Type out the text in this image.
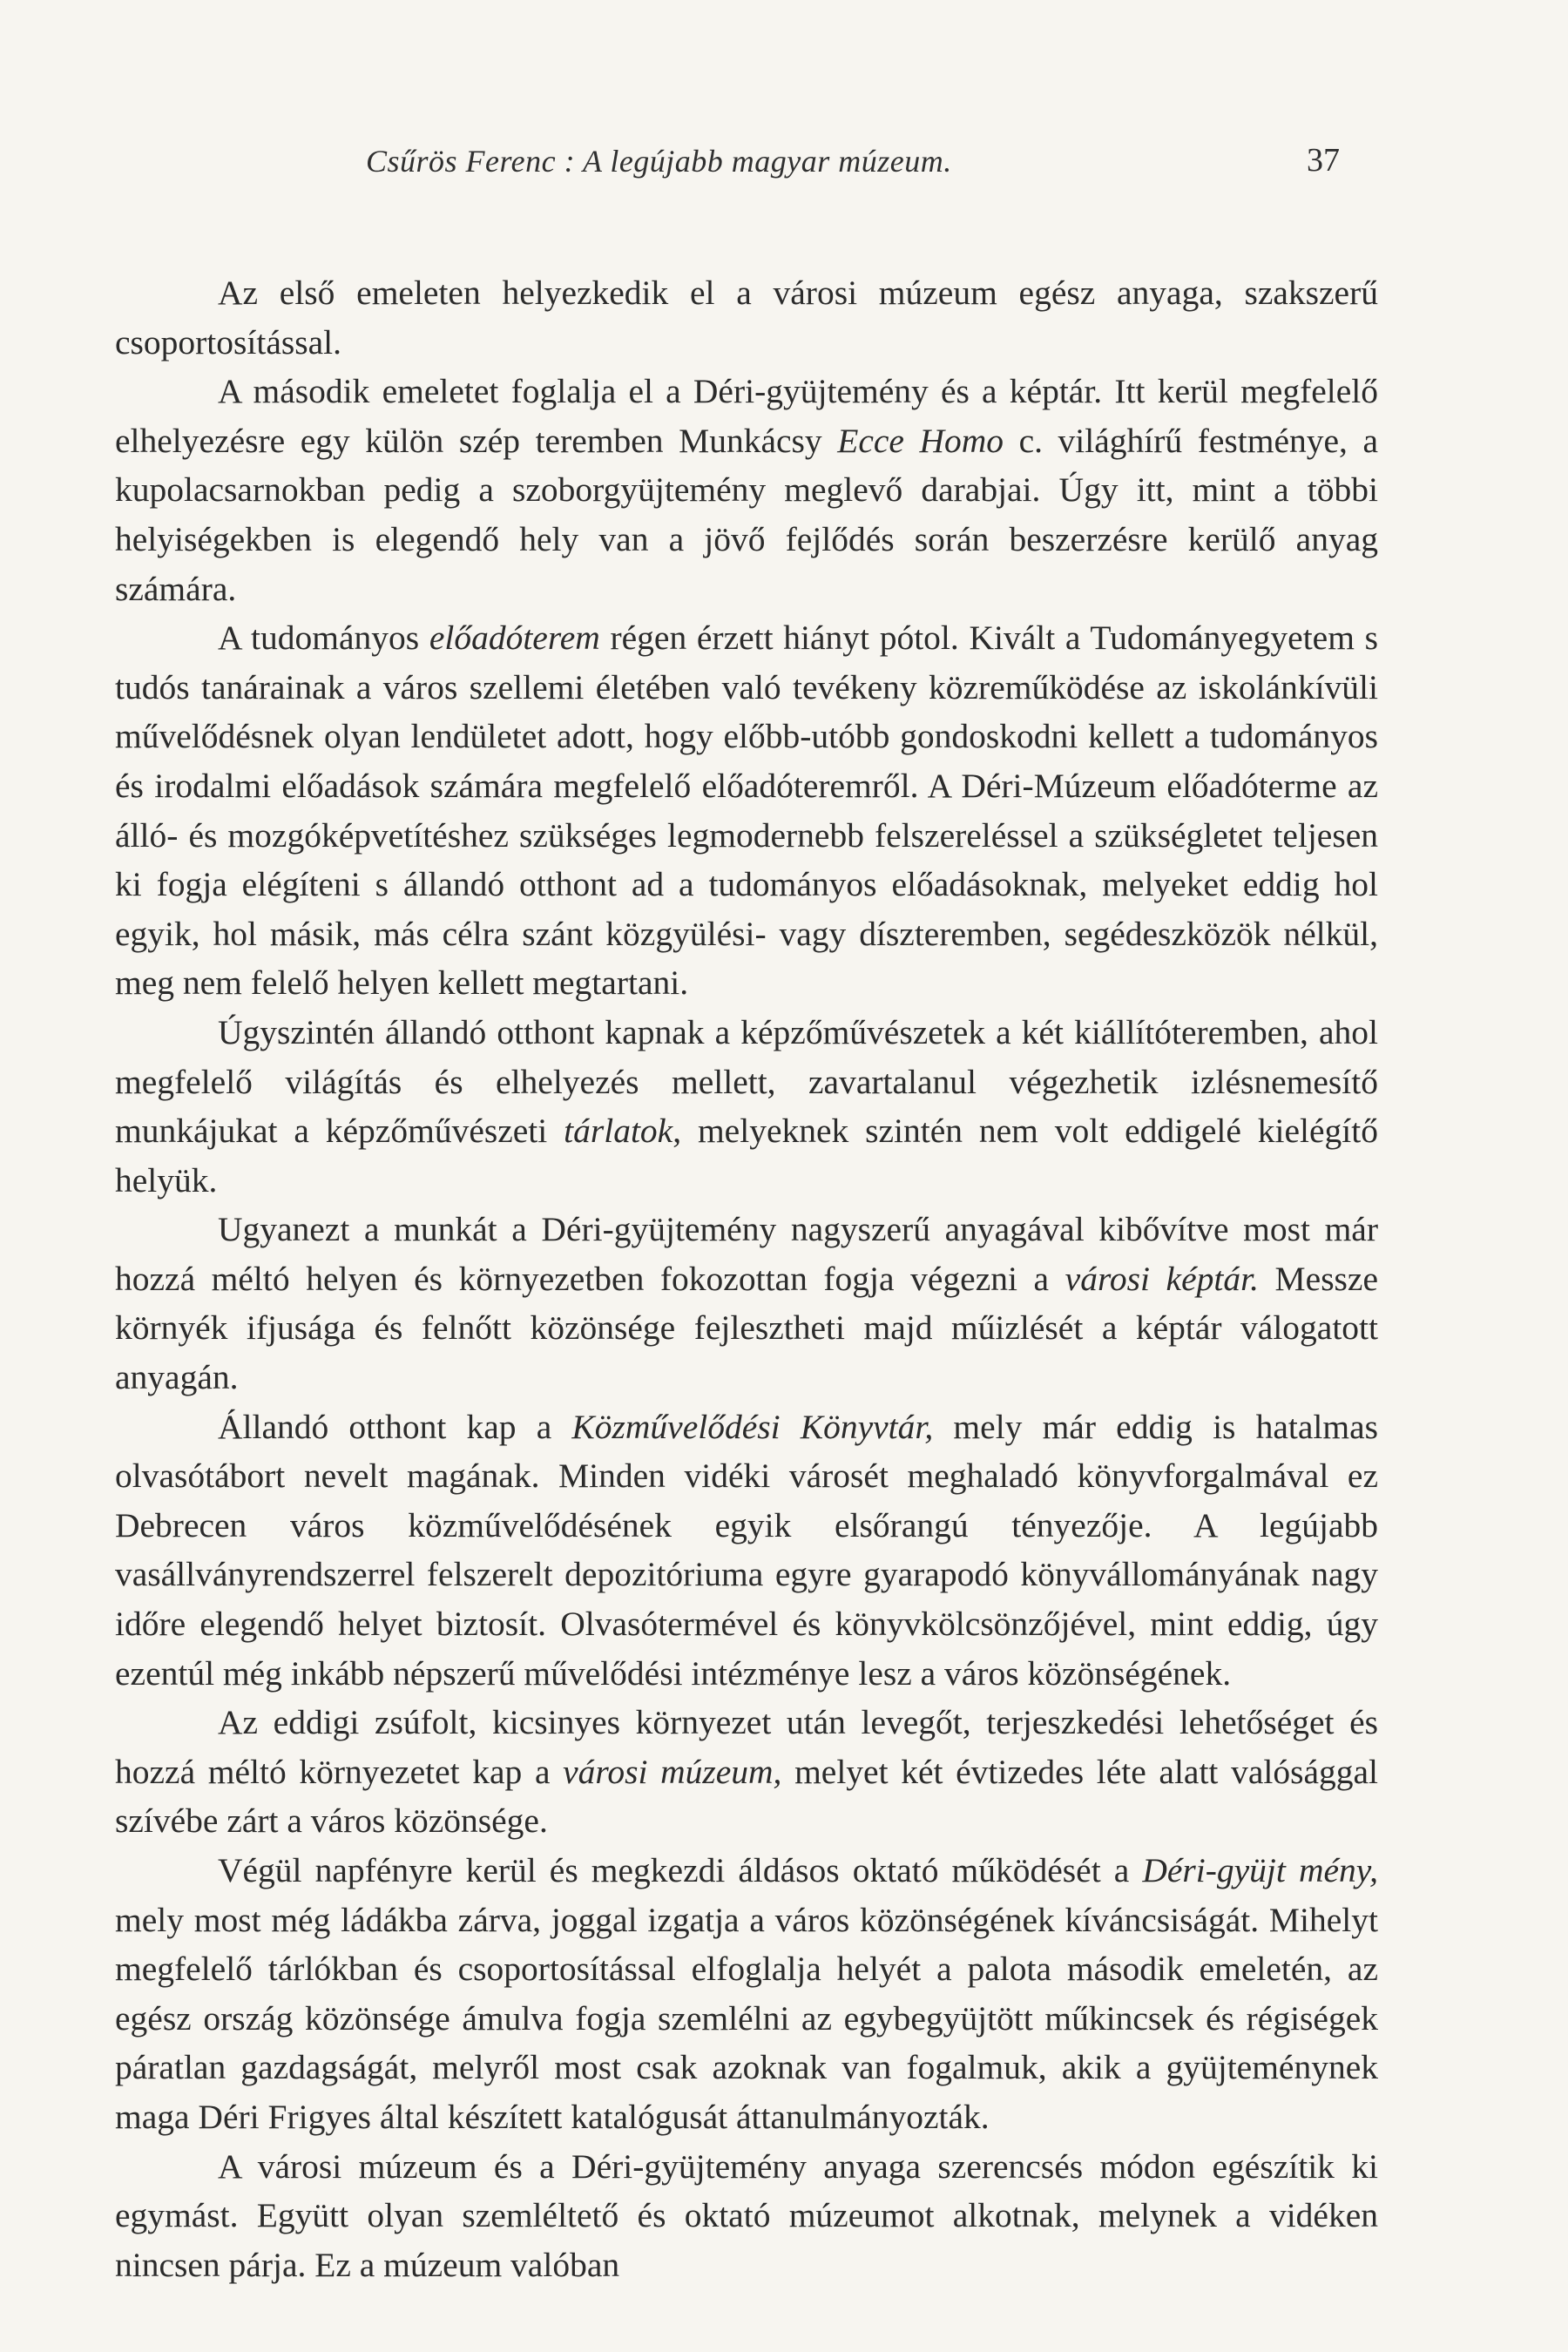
Csűrös Ferenc : A legújabb magyar múzeum.	37

Az első emeleten helyezkedik el a városi múzeum egész anyaga, szakszerű csoportosítással.

A második emeletet foglalja el a Déri-gyüjtemény és a képtár. Itt kerül megfelelő elhelyezésre egy külön szép teremben Munkácsy Ecce Homo c. világhírű festménye, a kupolacsarnokban pedig a szoborgyüjtemény meglevő darabjai. Úgy itt, mint a többi helyiségekben is elegendő hely van a jövő fejlődés során beszerzésre kerülő anyag számára.

A tudományos előadóterem régen érzett hiányt pótol. Kivált a Tudományegyetem s tudós tanárainak a város szellemi életében való tevékeny közreműködése az iskolánkívüli művelődésnek olyan lendületet adott, hogy előbb-utóbb gondoskodni kellett a tudományos és irodalmi előadások számára megfelelő előadóteremről. A Déri-Múzeum előadóterme az álló- és mozgóképvetítéshez szükséges legmodernebb felszereléssel a szükségletet teljesen ki fogja elégíteni s állandó otthont ad a tudományos előadásoknak, melyeket eddig hol egyik, hol másik, más célra szánt közgyülési- vagy díszteremben, segédeszközök nélkül, meg nem felelő helyen kellett megtartani.

Úgyszintén állandó otthont kapnak a képzőművészetek a két kiállítóteremben, ahol megfelelő világítás és elhelyezés mellett, zavartalanul végezhetik izlésnemesítő munkájukat a képzőművészeti tárlatok, melyeknek szintén nem volt eddigelé kielégítő helyük.

Ugyanezt a munkát a Déri-gyüjtemény nagyszerű anyagával kibővítve most már hozzá méltó helyen és környezetben fokozottan fogja végezni a városi képtár. Messze környék ifjusága és felnőtt közönsége fejlesztheti majd műizlését a képtár válogatott anyagán.

Állandó otthont kap a Közművelődési Könyvtár, mely már eddig is hatalmas olvasótábort nevelt magának. Minden vidéki városét meghaladó könyvforgalmával ez Debrecen város közművelődésének egyik elsőrangú tényezője. A legújabb vasállványrendszerrel felszerelt depozitóriuma egyre gyarapodó könyvállományának nagy időre elegendő helyet biztosít. Olvasótermével és könyvkölcsönzőjével, mint eddig, úgy ezentúl még inkább népszerű művelődési intézménye lesz a város közönségének.

Az eddigi zsúfolt, kicsinyes környezet után levegőt, terjeszkedési lehetőséget és hozzá méltó környezetet kap a városi múzeum, melyet két évtizedes léte alatt valósággal szívébe zárt a város közönsége.

Végül napfényre kerül és megkezdi áldásos oktató működését a Déri-gyüjt mény, mely most még ládákba zárva, joggal izgatja a város közönségének kíváncsiságát. Mihelyt megfelelő tárlókban és csoportosítással elfoglalja helyét a palota második emeletén, az egész ország közönsége ámulva fogja szemlélni az egybegyüjtött műkincsek és régiségek páratlan gazdagságát, melyről most csak azoknak van fogalmuk, akik a gyüjteménynek maga Déri Frigyes által készített katalógusát áttanulmányozták.

A városi múzeum és a Déri-gyüjtemény anyaga szerencsés módon egészítik ki egymást. Együtt olyan szemléltető és oktató múzeumot alkotnak, melynek a vidéken nincsen párja. Ez a múzeum valóban
